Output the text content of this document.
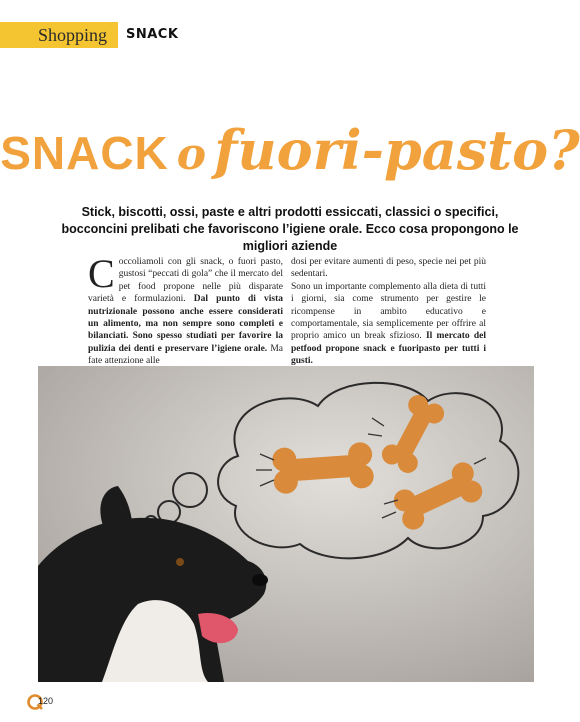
Shopping SNACK
SNACK o fuori-pasto?
Stick, biscotti, ossi, paste e altri prodotti essiccati, classici o specifici, bocconcini prelibati che favoriscono l’igiene orale. Ecco cosa propongono le migliori aziende
Coccoliamoli con gli snack, o fuori pasto, gustosi “peccati di gola” che il mercato del pet food propone nelle più disparate varietà e formulazioni. Dal punto di vista nutrizionale possono anche essere considerati un alimento, ma non sempre sono completi e bilanciati. Sono spesso studiati per favorire la pulizia dei denti e preservare l’igiene orale. Ma fate attenzione alle
dosi per evitare aumenti di peso, specie nei pet più sedentari.
Sono un importante complemento alla dieta di tutti i giorni, sia come strumento per gestire le ricompense in ambito educativo e comportamentale, sia semplicemente per offrire al proprio amico un break sfizioso. Il mercato del petfood propone snack e fuoripasto per tutti i gusti.
120
